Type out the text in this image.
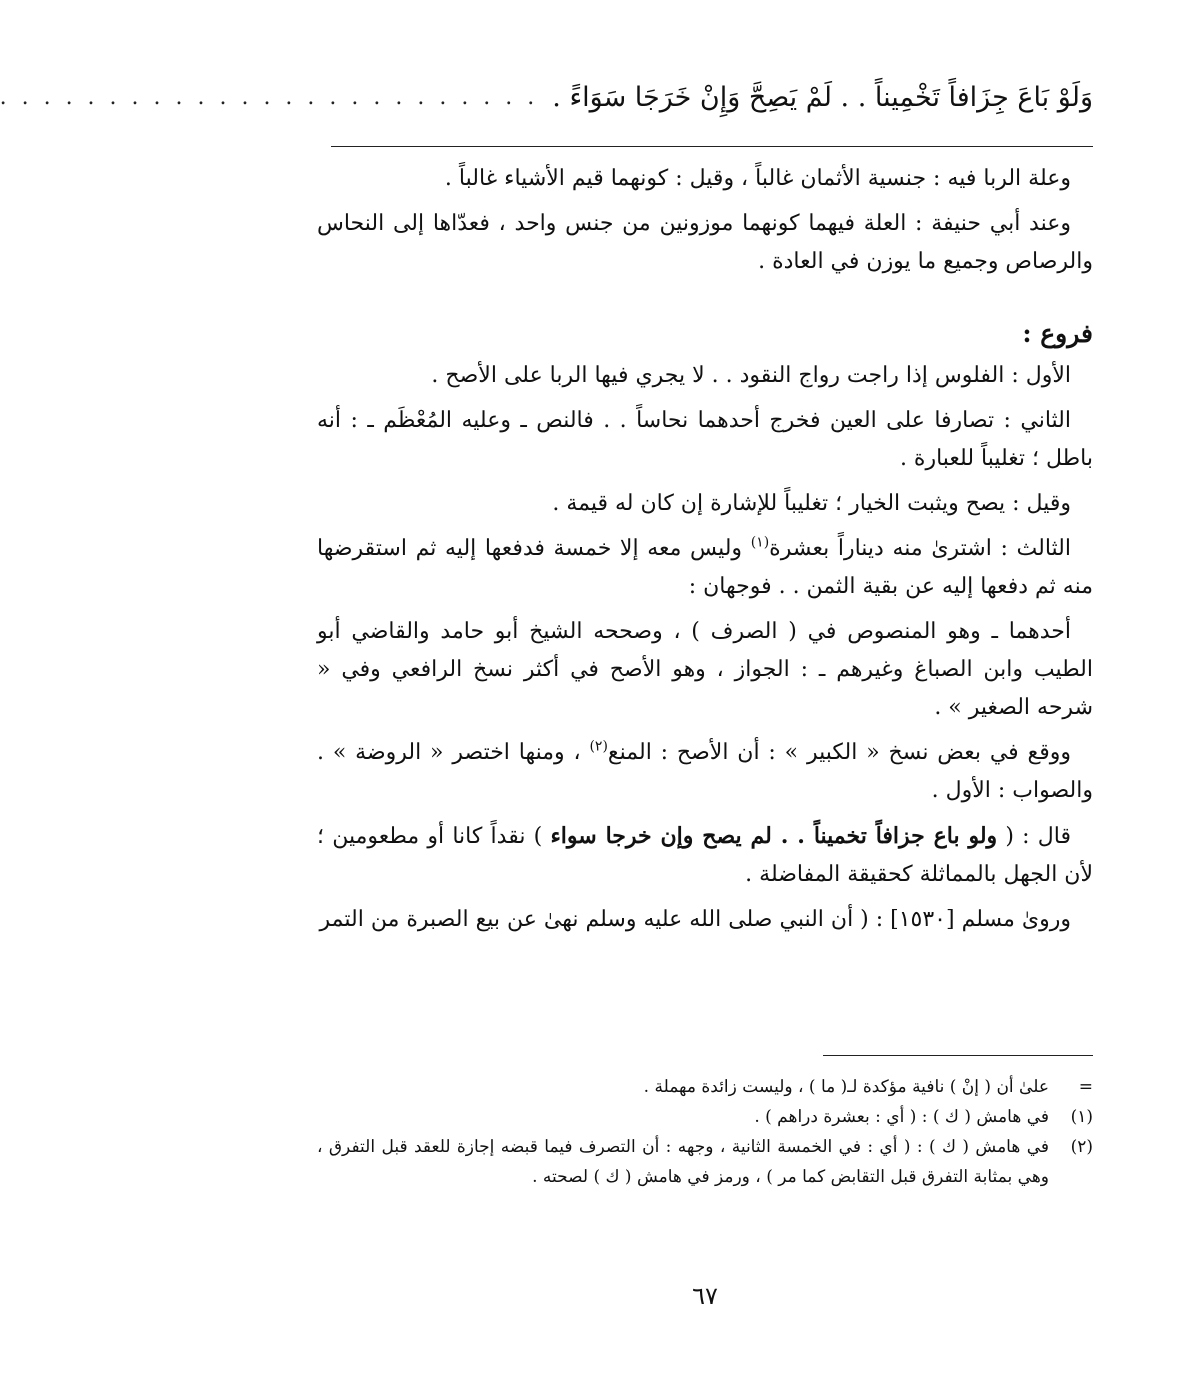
وَلَوْ بَاعَ جِزَافاً تَخْمِيناً . . لَمْ يَصِحَّ وَإِنْ خَرَجَا سَوَاءً .
. . . . . . . . . . . . . . . . . . . . . . . . .

وعلة الربا فيه : جنسية الأثمان غالباً ، وقيل : كونهما قيم الأشياء غالباً .

وعند أبي حنيفة : العلة فيهما كونهما موزونين من جنس واحد ، فعدّاها إلى النحاس والرصاص وجميع ما يوزن في العادة .

فروع :

الأول : الفلوس إذا راجت رواج النقود . . لا يجري فيها الربا على الأصح .

الثاني : تصارفا على العين فخرج أحدهما نحاساً . . فالنص ـ وعليه المُعْظَم ـ : أنه باطل ؛ تغليباً للعبارة .

وقيل : يصح ويثبت الخيار ؛ تغليباً للإشارة إن كان له قيمة .

الثالث : اشترىٰ منه ديناراً بعشرة$^{(١)}$ وليس معه إلا خمسة فدفعها إليه ثم استقرضها منه ثم دفعها إليه عن بقية الثمن . . فوجهان :

أحدهما ـ وهو المنصوص في ( الصرف ) ، وصححه الشيخ أبو حامد والقاضي أبو الطيب وابن الصباغ وغيرهم ـ : الجواز ، وهو الأصح في أكثر نسخ الرافعي وفي « شرحه الصغير » .

ووقع في بعض نسخ « الكبير » : أن الأصح : المنع$^{(٢)}$ ، ومنها اختصر « الروضة » . والصواب : الأول .

قال : ( ولو باع جزافاً تخميناً . . لم يصح وإن خرجا سواء ) نقداً كانا أو مطعومين ؛ لأن الجهل بالمماثلة كحقيقة المفاضلة .

وروىٰ مسلم [١٥٣٠] : ( أن النبي صلى الله عليه وسلم نهىٰ عن بيع الصبرة من التمر

=
علىٰ أن ( إنْ ) نافية مؤكدة لـ( ما ) ، وليست زائدة مهملة .
(١)
في هامش ( ك ) : ( أي : بعشرة دراهم ) .
(٢)
في هامش ( ك ) : ( أي : في الخمسة الثانية ، وجهه : أن التصرف فيما قبضه إجازة للعقد قبل التفرق ، وهي بمثابة التفرق قبل التقابض كما مر ) ، ورمز في هامش ( ك ) لصحته .
٦٧
